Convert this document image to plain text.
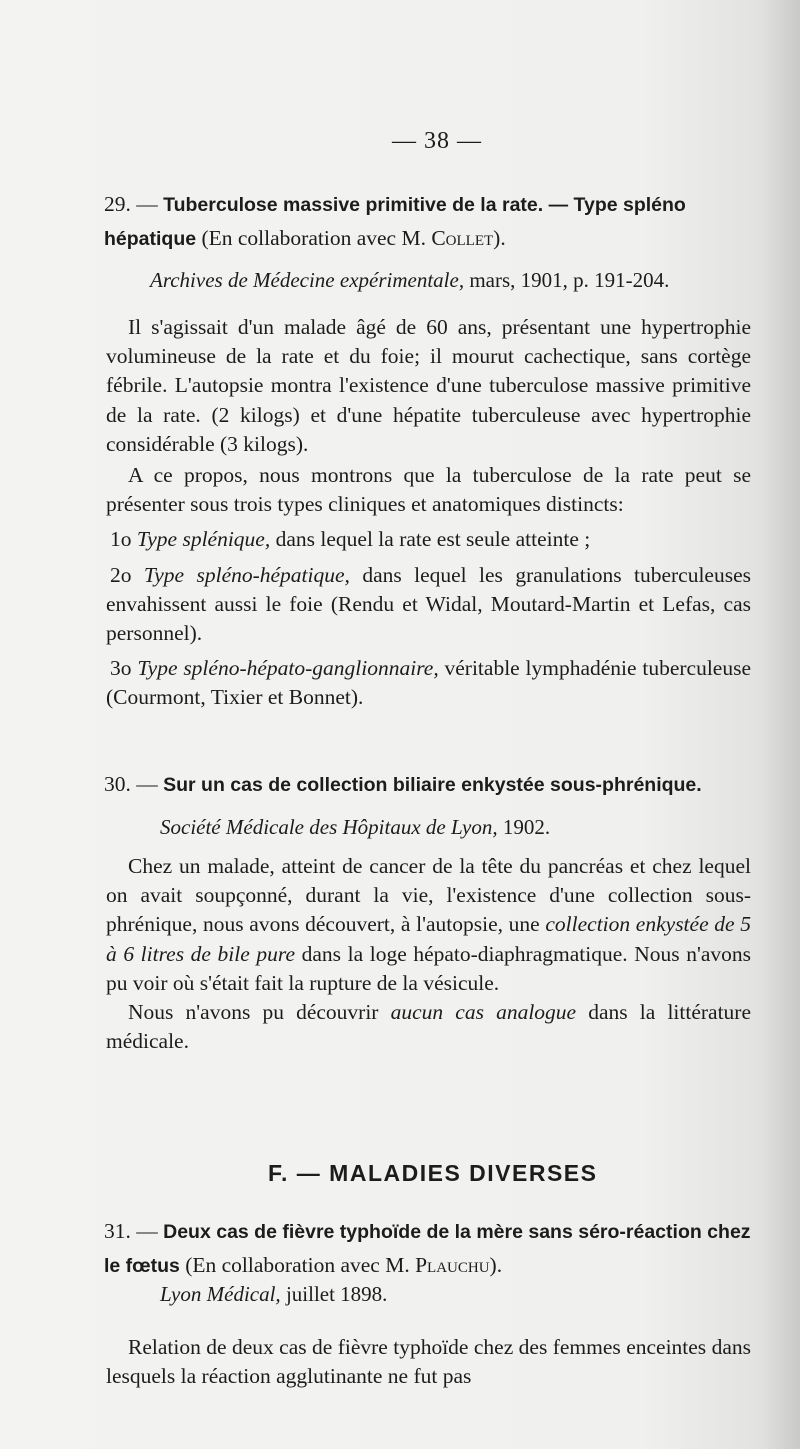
— 38 —
29. — Tuberculose massive primitive de la rate. — Type spléno hépatique (En collaboration avec M. Collet).
Archives de Médecine expérimentale, mars, 1901, p. 191-204.

Il s'agissait d'un malade âgé de 60 ans, présentant une hypertrophie volumineuse de la rate et du foie; il mourut cachectique, sans cortège fébrile. L'autopsie montra l'existence d'une tuberculose massive primitive de la rate. (2 kilogs) et d'une hépatite tuberculeuse avec hypertrophie considérable (3 kilogs).

A ce propos, nous montrons que la tuberculose de la rate peut se présenter sous trois types cliniques et anatomiques distincts:

1o Type splénique, dans lequel la rate est seule atteinte ;

2o Type spléno-hépatique, dans lequel les granulations tuberculeuses envahissent aussi le foie (Rendu et Widal, Moutard-Martin et Lefas, cas personnel).

3o Type spléno-hépato-ganglionnaire, véritable lymphadénie tuberculeuse (Courmont, Tixier et Bonnet).

30. — Sur un cas de collection biliaire enkystée sous-phrénique.
Société Médicale des Hôpitaux de Lyon, 1902.

Chez un malade, atteint de cancer de la tête du pancréas et chez lequel on avait soupçonné, durant la vie, l'existence d'une collection sous-phrénique, nous avons découvert, à l'autopsie, une collection enkystée de 5 à 6 litres de bile pure dans la loge hépato-diaphragmatique. Nous n'avons pu voir où s'était fait la rupture de la vésicule.

Nous n'avons pu découvrir aucun cas analogue dans la littérature médicale.

F. — MALADIES DIVERSES
31. — Deux cas de fièvre typhoïde de la mère sans séro-réaction chez le fœtus (En collaboration avec M. Plauchu).
Lyon Médical, juillet 1898.

Relation de deux cas de fièvre typhoïde chez des femmes enceintes dans lesquels la réaction agglutinante ne fut pas
